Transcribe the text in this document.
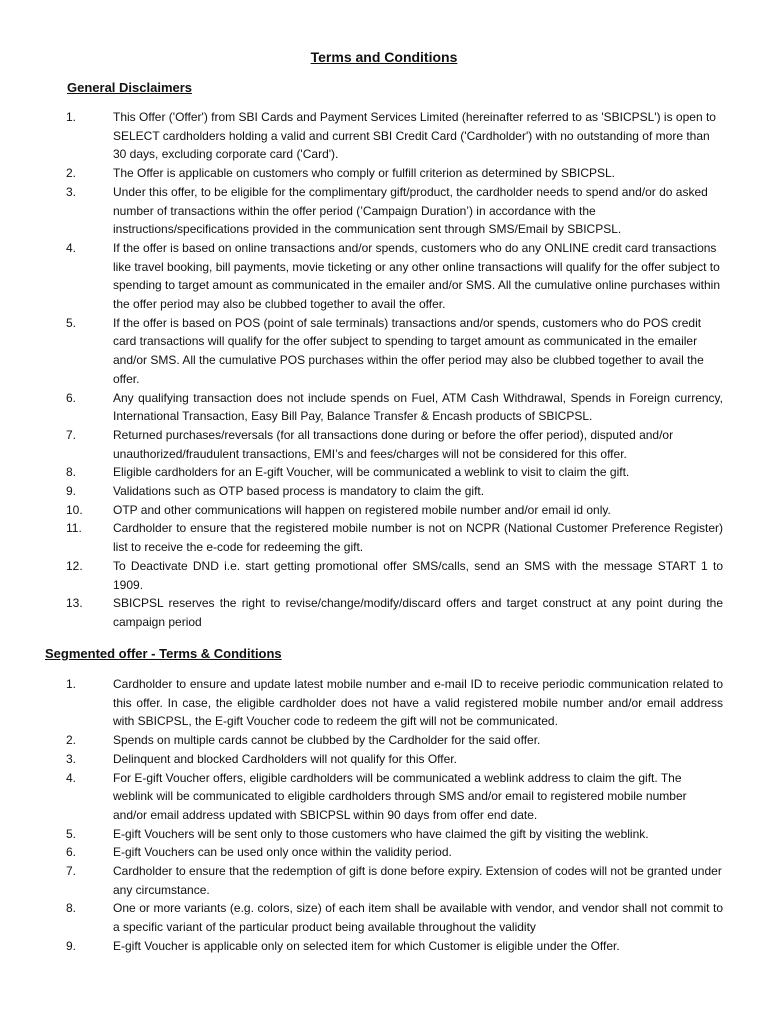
Terms and Conditions
General Disclaimers
1.	This Offer ('Offer') from SBI Cards and Payment Services Limited (hereinafter referred to as 'SBICPSL') is open to SELECT cardholders holding a valid and current SBI Credit Card ('Cardholder') with no outstanding of more than 30 days, excluding corporate card ('Card').
2.	The Offer is applicable on customers who comply or fulfill criterion as determined by SBICPSL.
3.	Under this offer, to be eligible for the complimentary gift/product, the cardholder needs to spend and/or do asked number of transactions within the offer period (’Campaign Duration’) in accordance with the instructions/specifications provided in the communication sent through SMS/Email by SBICPSL.
4.	If the offer is based on online transactions and/or spends, customers who do any ONLINE credit card transactions like travel booking, bill payments, movie ticketing or any other online transactions will qualify for the offer subject to spending to target amount as communicated in the emailer and/or SMS. All the cumulative online purchases within the offer period may also be clubbed together to avail the offer.
5.	If the offer is based on POS (point of sale terminals) transactions and/or spends, customers who do POS credit card transactions will qualify for the offer subject to spending to target amount as communicated in the emailer and/or SMS. All the cumulative POS purchases within the offer period may also be clubbed together to avail the offer.
6.	Any qualifying transaction does not include spends on Fuel, ATM Cash Withdrawal, Spends in Foreign currency, International Transaction, Easy Bill Pay, Balance Transfer & Encash products of SBICPSL.
7.	Returned purchases/reversals (for all transactions done during or before the offer period), disputed and/or unauthorized/fraudulent transactions, EMI’s and fees/charges will not be considered for this offer.
8.	Eligible cardholders for an E-gift Voucher, will be communicated a weblink to visit to claim the gift.
9.	Validations such as OTP based process is mandatory to claim the gift.
10.	OTP and other communications will happen on registered mobile number and/or email id only.
11.	Cardholder to ensure that the registered mobile number is not on NCPR (National Customer Preference Register) list to receive the e-code for redeeming the gift.
12.	To Deactivate DND i.e. start getting promotional offer SMS/calls, send an SMS with the message START 1 to 1909.
13.	SBICPSL reserves the right to revise/change/modify/discard offers and target construct at any point during the campaign period
Segmented offer - Terms & Conditions
1.	Cardholder to ensure and update latest mobile number and e-mail ID to receive periodic communication related to this offer. In case, the eligible cardholder does not have a valid registered mobile number and/or email address with SBICPSL, the E-gift Voucher code to redeem the gift will not be communicated.
2.	Spends on multiple cards cannot be clubbed by the Cardholder for the said offer.
3.	Delinquent and blocked Cardholders will not qualify for this Offer.
4.	For E-gift Voucher offers, eligible cardholders will be communicated a weblink address to claim the gift. The weblink will be communicated to eligible cardholders through SMS and/or email to registered mobile number and/or email address updated with SBICPSL within 90 days from offer end date.
5.	E-gift Vouchers will be sent only to those customers who have claimed the gift by visiting the weblink.
6.	E-gift Vouchers can be used only once within the validity period.
7.	Cardholder to ensure that the redemption of gift is done before expiry. Extension of codes will not be granted under any circumstance.
8.	One or more variants (e.g. colors, size) of each item shall be available with vendor, and vendor shall not commit to a specific variant of the particular product being available throughout the validity
9.	E-gift Voucher is applicable only on selected item for which Customer is eligible under the Offer.
